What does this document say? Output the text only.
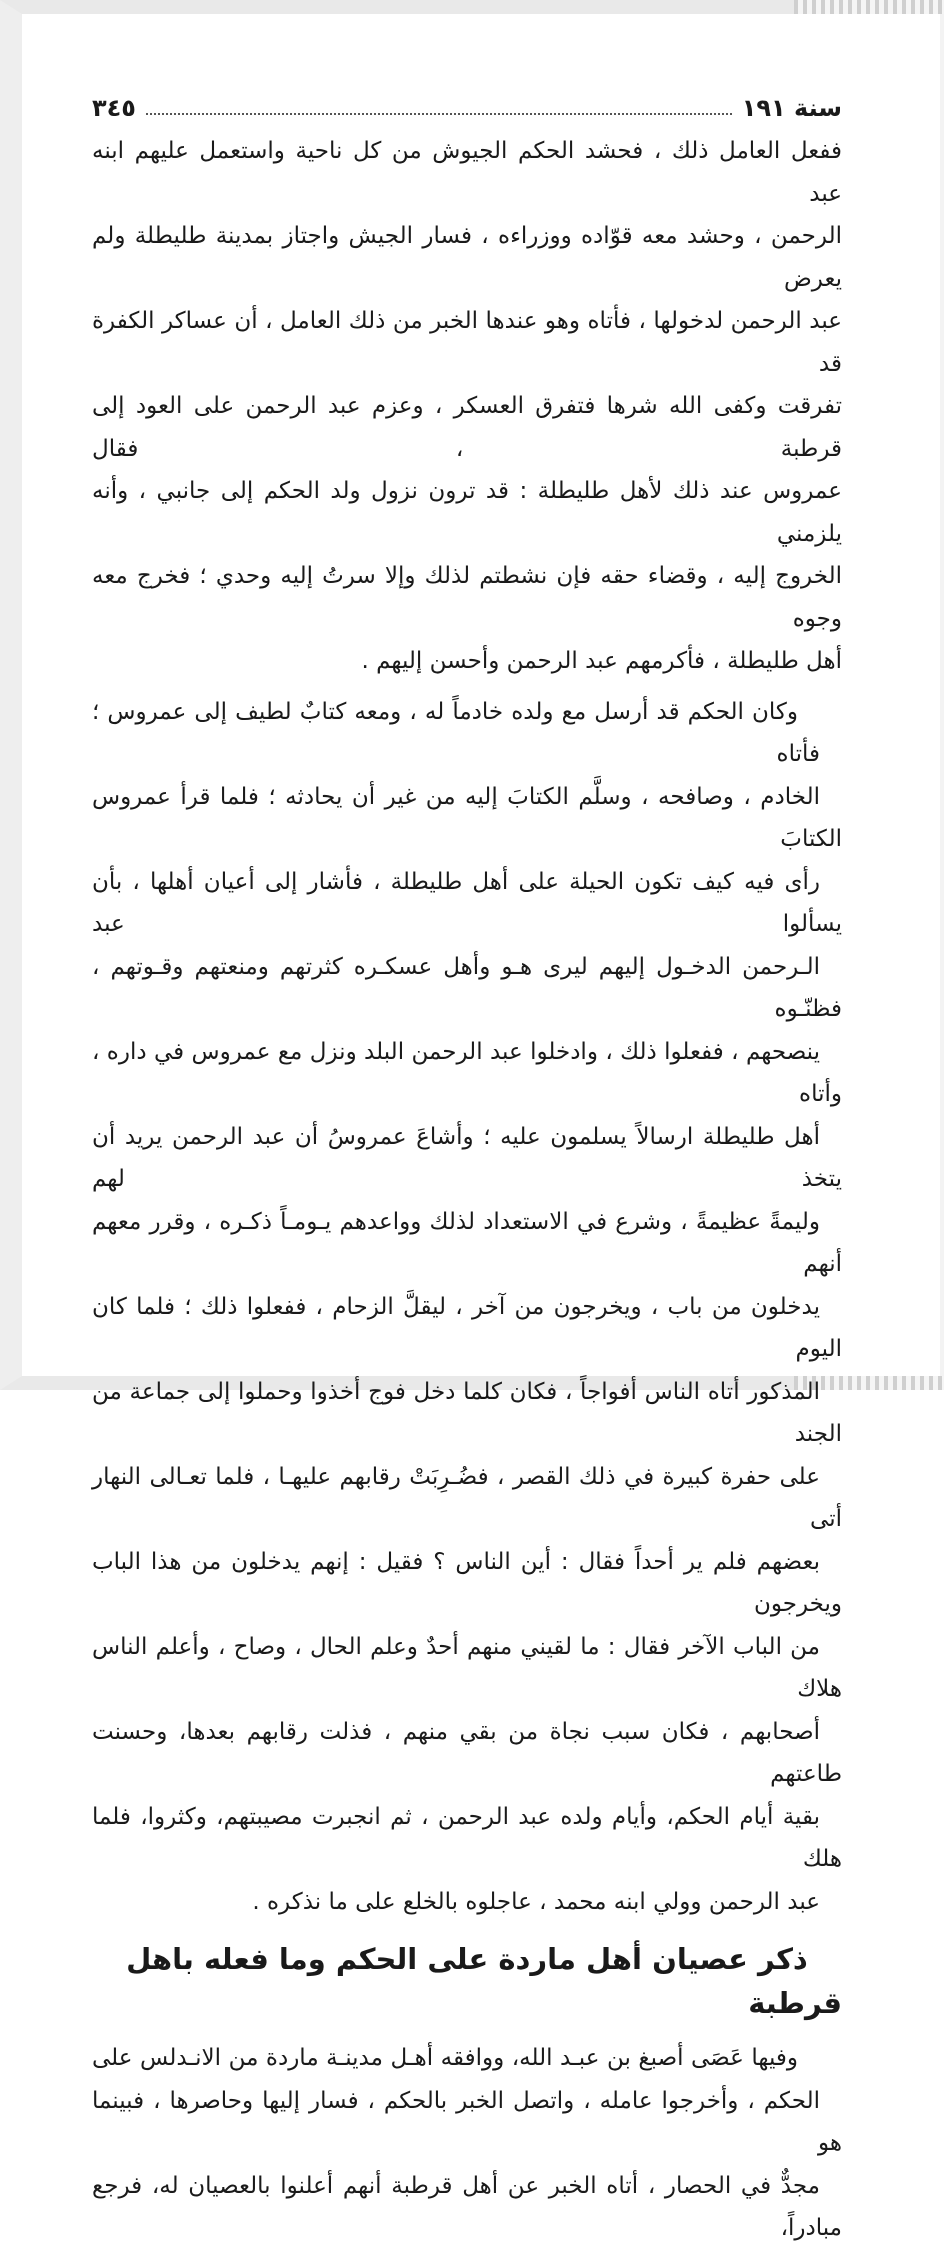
سنة ١٩١
٣٤٥
ففعل العامل ذلك ، فحشد الحكم الجيوش من كل ناحية واستعمل عليهم ابنه عبد
الرحمن ، وحشد معه قوّاده ووزراءه ، فسار الجيش واجتاز بمدينة طليطلة ولم يعرض
عبد الرحمن لدخولها ، فأتاه وهو عندها الخبر من ذلك العامل ، أن عساكر الكفرة قد
تفرقت وكفى الله شرها فتفرق العسكر ، وعزم عبد الرحمن على العود إلى قرطبة ، فقال
عمروس عند ذلك لأهل طليطلة : قد ترون نزول ولد الحكم إلى جانبي ، وأنه يلزمني
الخروج إليه ، وقضاء حقه فإن نشطتم لذلك وإلا سرتُ إليه وحدي ؛ فخرج معه وجوه
أهل طليطلة ، فأكرمهم عبد الرحمن وأحسن إليهم .
وكان الحكم قد أرسل مع ولده خادماً له ، ومعه كتابٌ لطيف إلى عمروس ؛ فأتاه
الخادم ، وصافحه ، وسلَّم الكتابَ إليه من غير أن يحادثه ؛ فلما قرأ عمروس الكتابَ
رأى فيه كيف تكون الحيلة على أهل طليطلة ، فأشار إلى أعيان أهلها ، بأن يسألوا عبد
الـرحمن الدخـول إليهم ليرى هـو وأهل عسكـره كثرتهم ومنعتهم وقـوتهم ، فظنّـوه
ينصحهم ، ففعلوا ذلك ، وادخلوا عبد الرحمن البلد ونزل مع عمروس في داره ، وأتاه
أهل طليطلة ارسالاً يسلمون عليه ؛ وأشاعَ عمروسُ أن عبد الرحمن يريد أن يتخذ لهم
وليمةً عظيمةً ، وشرع في الاستعداد لذلك وواعدهم يـومـاً ذكـره ، وقرر معهم أنهم
يدخلون من باب ، ويخرجون من آخر ، ليقلَّ الزحام ، ففعلوا ذلك ؛ فلما كان اليوم
المذكور أتاه الناس أفواجاً ، فكان كلما دخل فوج أخذوا وحملوا إلى جماعة من الجند
على حفرة كبيرة في ذلك القصر ، فضُـرِبَتْ رقابهم عليهـا ، فلما تعـالى النهار أتى
بعضهم فلم ير أحداً فقال : أين الناس ؟ فقيل : إنهم يدخلون من هذا الباب ويخرجون
من الباب الآخر فقال : ما لقيني منهم أحدٌ وعلم الحال ، وصاح ، وأعلم الناس هلاك
أصحابهم ، فكان سبب نجاة من بقي منهم ، فذلت رقابهم بعدها، وحسنت طاعتهم
بقية أيام الحكم، وأيام ولده عبد الرحمن ، ثم انجبرت مصيبتهم، وكثروا، فلما هلك
عبد الرحمن وولي ابنه محمد ، عاجلوه بالخلع على ما نذكره .
ذكر عصيان أهل ماردة على الحكم وما فعله باهل قرطبة
وفيها عَصَى أصبغ بن عبـد الله، ووافقه أهـل مدينـة ماردة من الانـدلس على
الحكم ، وأخرجوا عامله ، واتصل الخبر بالحكم ، فسار إليها وحاصرها ، فبينما هو
مجدٌّ في الحصار ، أتاه الخبر عن أهل قرطبة أنهم أعلنوا بالعصيان له، فرجع مبادراً،
